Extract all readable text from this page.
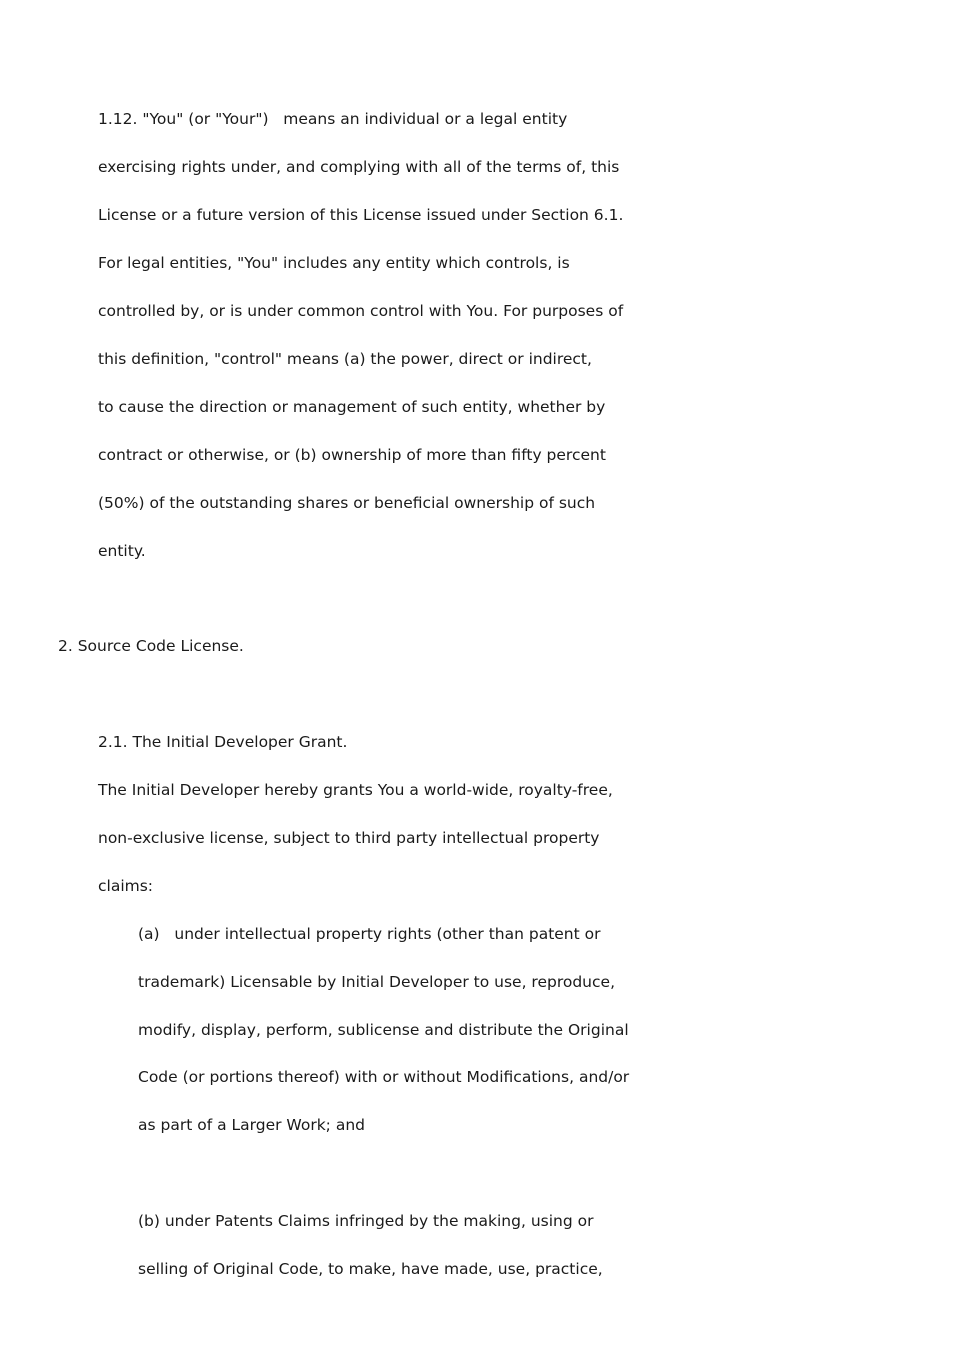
1.12. "You" (or "Your")   means an individual or a legal entity

exercising rights under, and complying with all of the terms of, this

License or a future version of this License issued under Section 6.1.

For legal entities, "You" includes any entity which controls, is

controlled by, or is under common control with You. For purposes of

this definition, "control" means (a) the power, direct or indirect,

to cause the direction or management of such entity, whether by

contract or otherwise, or (b) ownership of more than fifty percent

(50%) of the outstanding shares or beneficial ownership of such

entity.

2. Source Code License.

2.1. The Initial Developer Grant.

The Initial Developer hereby grants You a world-wide, royalty-free,

non-exclusive license, subject to third party intellectual property

claims:

(a)   under intellectual property rights (other than patent or

trademark) Licensable by Initial Developer to use, reproduce,

modify, display, perform, sublicense and distribute the Original

Code (or portions thereof) with or without Modifications, and/or

as part of a Larger Work; and

(b) under Patents Claims infringed by the making, using or

selling of Original Code, to make, have made, use, practice,
